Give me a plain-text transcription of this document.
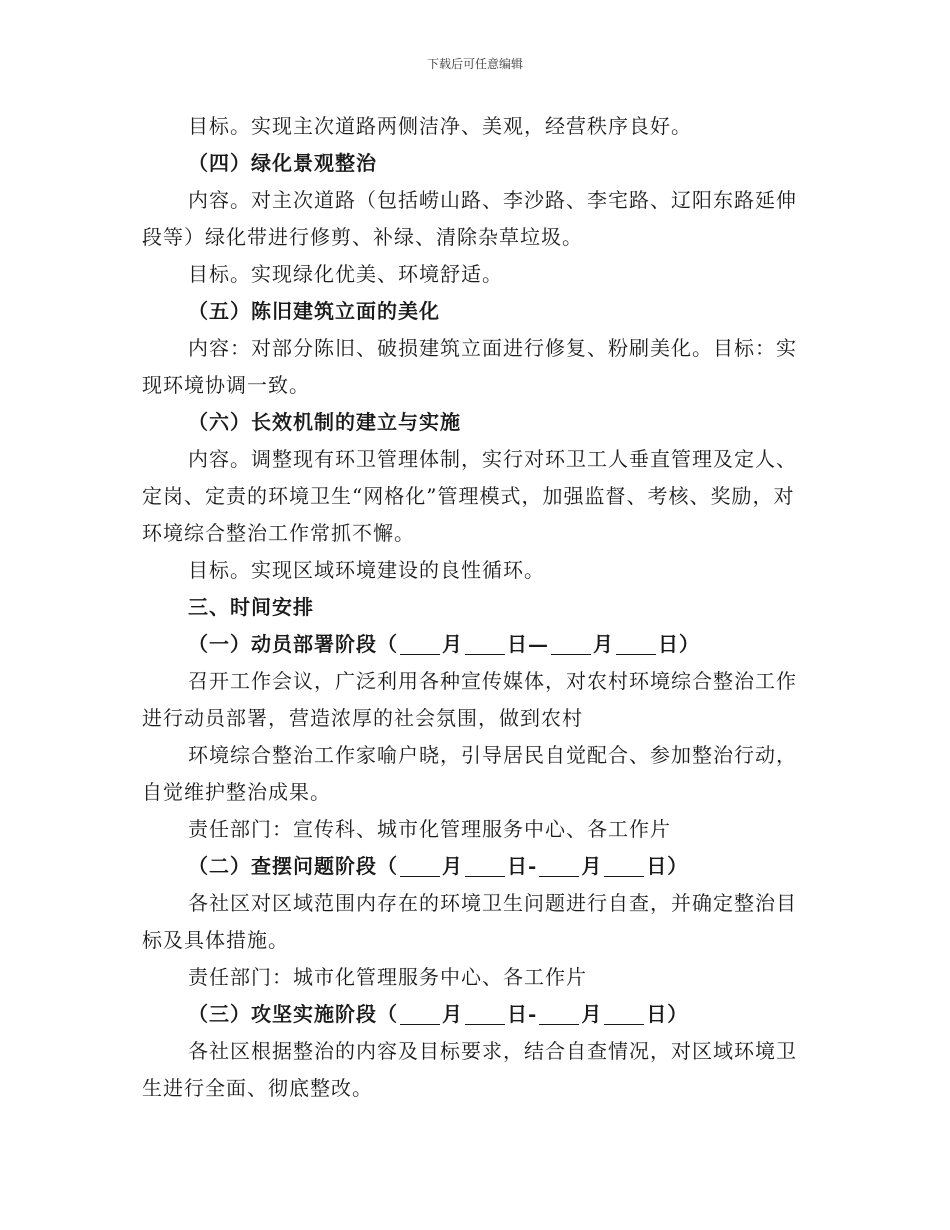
下载后可任意编辑

目标。实现主次道路两侧洁净、美观，经营秩序良好。

（四）绿化景观整治

内容。对主次道路（包括崂山路、李沙路、李宅路、辽阳东路延伸段等）绿化带进行修剪、补绿、清除杂草垃圾。

目标。实现绿化优美、环境舒适。

（五）陈旧建筑立面的美化

内容：对部分陈旧、破损建筑立面进行修复、粉刷美化。目标：实现环境协调一致。

（六）长效机制的建立与实施

内容。调整现有环卫管理体制，实行对环卫工人垂直管理及定人、定岗、定责的环境卫生“网格化”管理模式，加强监督、考核、奖励，对环境综合整治工作常抓不懈。

目标。实现区域环境建设的良性循环。

三、时间安排

（一）动员部署阶段（ 月 日— 月 日）

召开工作会议，广泛利用各种宣传媒体，对农村环境综合整治工作进行动员部署，营造浓厚的社会氛围，做到农村

环境综合整治工作家喻户晓，引导居民自觉配合、参加整治行动，自觉维护整治成果。

责任部门：宣传科、城市化管理服务中心、各工作片

（二）查摆问题阶段（ 月 日- 月 日）

各社区对区域范围内存在的环境卫生问题进行自查，并确定整治目标及具体措施。

责任部门：城市化管理服务中心、各工作片

（三）攻坚实施阶段（ 月 日- 月 日）

各社区根据整治的内容及目标要求，结合自查情况，对区域环境卫生进行全面、彻底整改。
